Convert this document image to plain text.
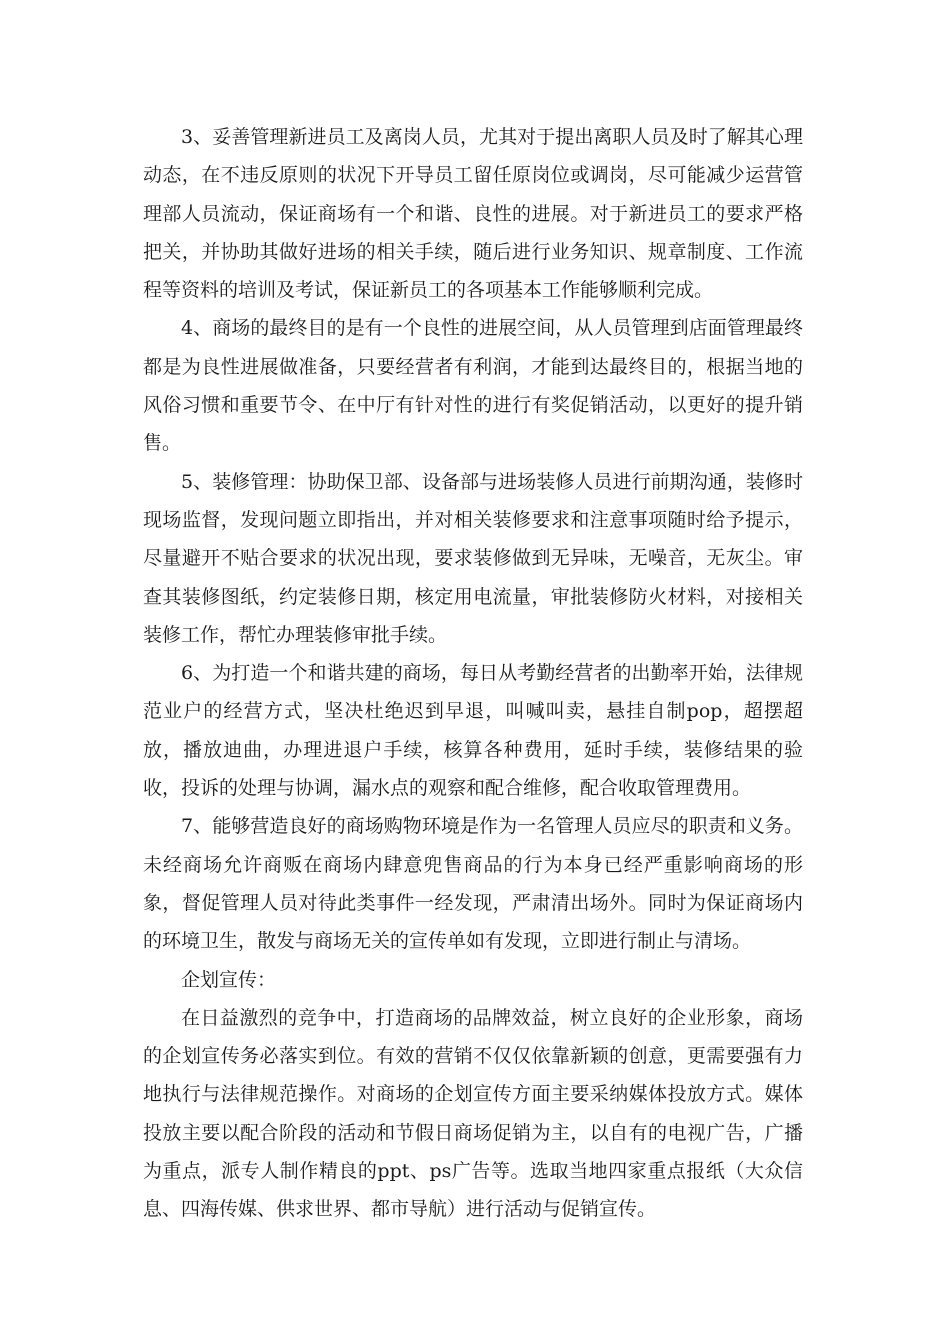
3、妥善管理新进员工及离岗人员，尤其对于提出离职人员及时了解其心理动态，在不违反原则的状况下开导员工留任原岗位或调岗，尽可能减少运营管理部人员流动，保证商场有一个和谐、良性的进展。对于新进员工的要求严格把关，并协助其做好进场的相关手续，随后进行业务知识、规章制度、工作流程等资料的培训及考试，保证新员工的各项基本工作能够顺利完成。

4、商场的最终目的是有一个良性的进展空间，从人员管理到店面管理最终都是为良性进展做准备，只要经营者有利润，才能到达最终目的，根据当地的风俗习惯和重要节令、在中厅有针对性的进行有奖促销活动，以更好的提升销售。

5、装修管理：协助保卫部、设备部与进场装修人员进行前期沟通，装修时现场监督，发现问题立即指出，并对相关装修要求和注意事项随时给予提示，尽量避开不贴合要求的状况出现，要求装修做到无异味，无噪音，无灰尘。审查其装修图纸，约定装修日期，核定用电流量，审批装修防火材料，对接相关装修工作，帮忙办理装修审批手续。

6、为打造一个和谐共建的商场，每日从考勤经营者的出勤率开始，法律规范业户的经营方式，坚决杜绝迟到早退，叫喊叫卖，悬挂自制pop，超摆超放，播放迪曲，办理进退户手续，核算各种费用，延时手续，装修结果的验收，投诉的处理与协调，漏水点的观察和配合维修，配合收取管理费用。

7、能够营造良好的商场购物环境是作为一名管理人员应尽的职责和义务。未经商场允许商贩在商场内肆意兜售商品的行为本身已经严重影响商场的形象，督促管理人员对待此类事件一经发现，严肃清出场外。同时为保证商场内的环境卫生，散发与商场无关的宣传单如有发现，立即进行制止与清场。

企划宣传：

在日益激烈的竞争中，打造商场的品牌效益，树立良好的企业形象，商场的企划宣传务必落实到位。有效的营销不仅仅依靠新颖的创意，更需要强有力地执行与法律规范操作。对商场的企划宣传方面主要采纳媒体投放方式。媒体投放主要以配合阶段的活动和节假日商场促销为主，以自有的电视广告，广播为重点，派专人制作精良的ppt、ps广告等。选取当地四家重点报纸（大众信息、四海传媒、供求世界、都市导航）进行活动与促销宣传。
